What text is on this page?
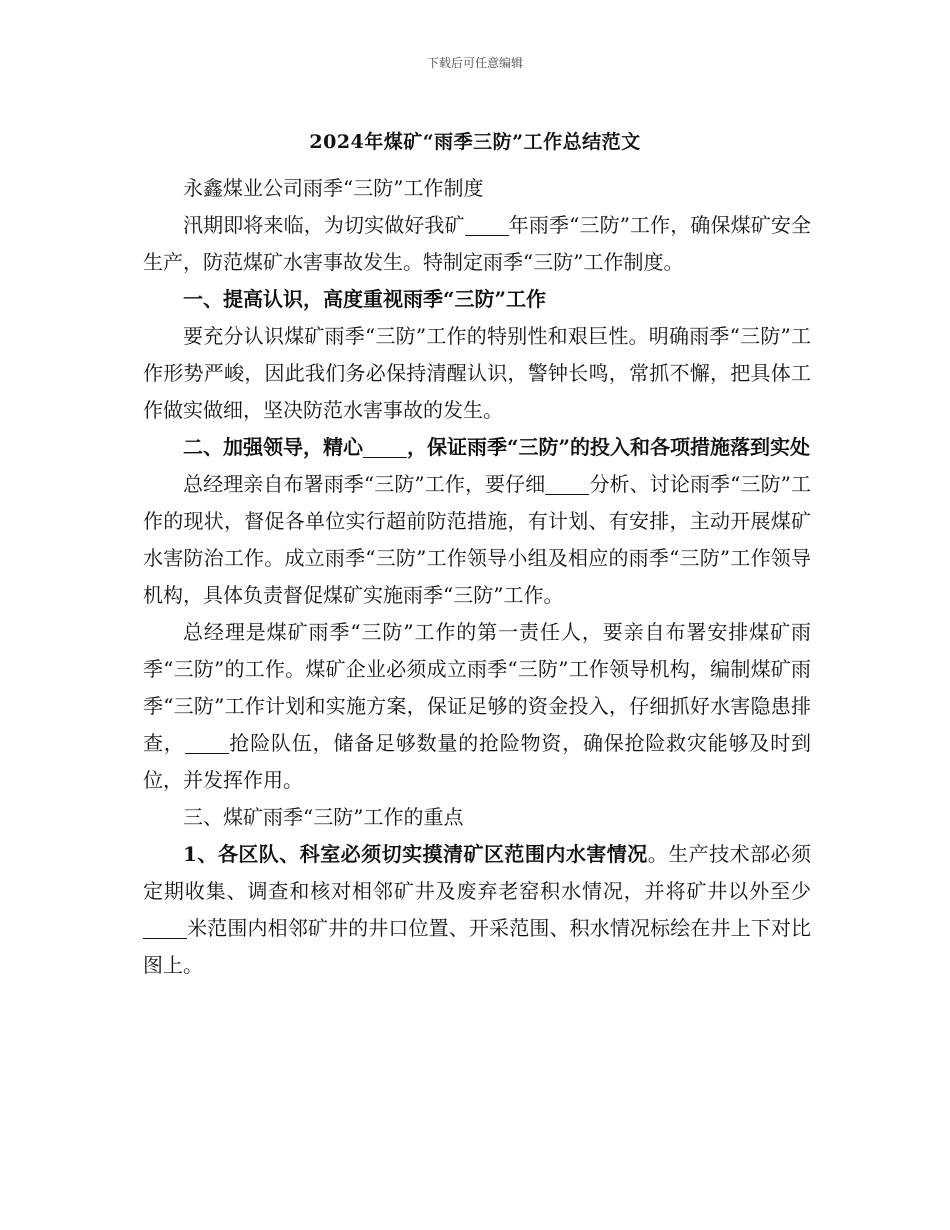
下载后可任意编辑
2024年煤矿“雨季三防”工作总结范文

永鑫煤业公司雨季“三防”工作制度

汛期即将来临，为切实做好我矿 年雨季“三防”工作，确保煤矿安全生产，防范煤矿水害事故发生。特制定雨季“三防”工作制度。

一、提高认识，高度重视雨季“三防”工作

要充分认识煤矿雨季“三防”工作的特别性和艰巨性。明确雨季“三防”工作形势严峻，因此我们务必保持清醒认识，警钟长鸣，常抓不懈，把具体工作做实做细，坚决防范水害事故的发生。

二、加强领导，精心 ，保证雨季“三防”的投入和各项措施落到实处

总经理亲自布署雨季“三防”工作，要仔细 分析、讨论雨季“三防”工作的现状，督促各单位实行超前防范措施，有计划、有安排，主动开展煤矿水害防治工作。成立雨季“三防”工作领导小组及相应的雨季“三防”工作领导机构，具体负责督促煤矿实施雨季“三防”工作。

总经理是煤矿雨季“三防”工作的第一责任人，要亲自布署安排煤矿雨季“三防”的工作。煤矿企业必须成立雨季“三防”工作领导机构，编制煤矿雨季“三防”工作计划和实施方案，保证足够的资金投入，仔细抓好水害隐患排查， 抢险队伍，储备足够数量的抢险物资，确保抢险救灾能够及时到位，并发挥作用。

三、煤矿雨季“三防”工作的重点

1、各区队、科室必须切实摸清矿区范围内水害情况。生产技术部必须定期收集、调查和核对相邻矿井及废弃老窑积水情况，并将矿井以外至少米范围内相邻矿井的井口位置、开采范围、积水情况标绘在井上下对比图上。
